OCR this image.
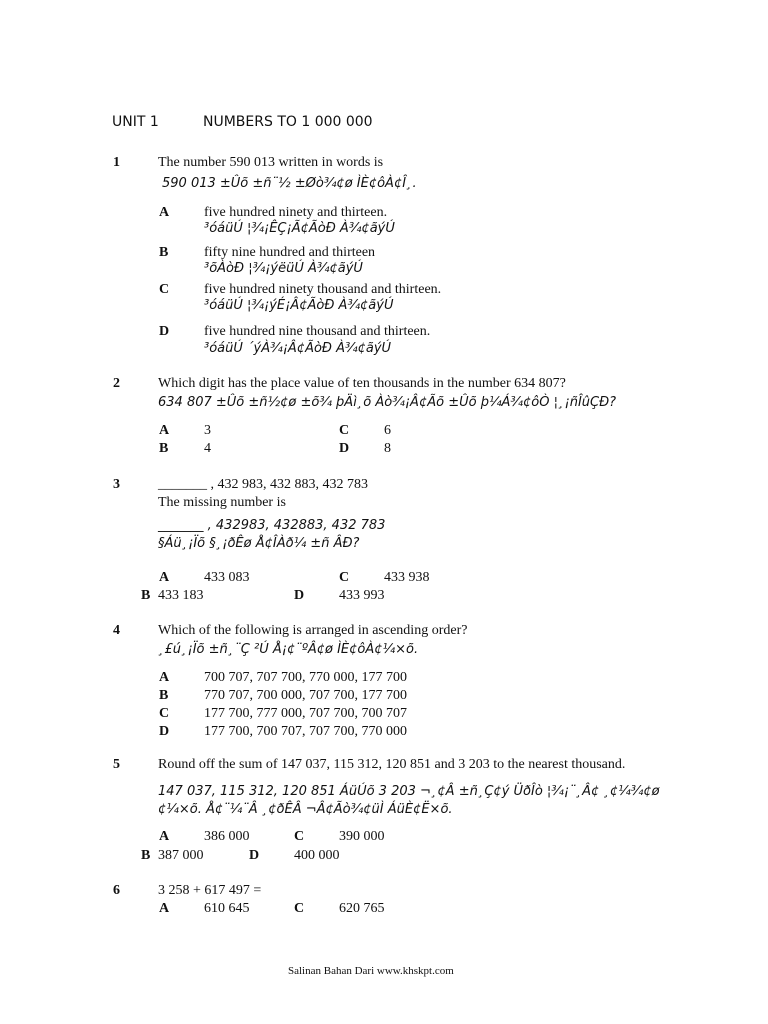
UNIT 1	NUMBERS TO 1 000 000
1	The number 590 013 written in words is
590 013 ±Ûõ ±ñ¨½ ±Øò¾¢ø ÌÈ¢ôÀ¢Î¸.
A five hundred ninety and thirteen.
³óáüÚ ¦¾¡ÊÇ¡Ã¢ÃòÐ À¾¢ãýÚ
B	fifty nine hundred and thirteen
³õÀòÐ ¦¾¡ýëüÚ À¾¢ãýÚ
C five hundred ninety thousand and thirteen.
³óáüÚ ¦¾¡ýÉ¡Â¢ÃòÐ À¾¢ãýÚ
D five hundred nine thousand and thirteen.
³óáüÚ ´ýÀ¾¡Â¢ÃòÐ À¾¢ãýÚ
2	Which digit has the place value of ten thousands in the number 634 807?
634 807 ±Ûõ ±ñ½¢ø ±õ¾ þÄì¸õ Àò¾¡Â¢Ãõ ±Ûõ þ¼Á¾¢ôÒ ¦¸¡ñÎûÇÐ?
A 3	C 6
B	4	D 8
3	_______ , 432 983, 432 883, 432 783
The missing number is
_______ , 432983, 432883, 432 783
§Áü¸¡Ïõ §¸¡ðÊø Å¢ÎÀð¼ ±ñ ÂÐ?
A 433 083	C 433 938
B 433 183	D 433 993
4	Which of the following is arranged in ascending order?
¸£ú¸¡Ïõ ±ñ¸¨Ç ²Ú Å¡¢¨ºÂ¢ø ÌÈ¢ôÀ¢¼×õ.
A 700 707, 707 700, 770 000, 177 700
B	770 707, 700 000, 707 700, 177 700
C 177 700, 777 000, 707 700, 700 707
D 177 700, 700 707, 707 700, 770 000
5	Round off the sum of 147 037, 115 312, 120 851 and 3 203 to the nearest thousand.
147 037, 115 312, 120 851 ÁüÚõ 3 203 ¬¸¢Â ±ñ¸Ç¢ý ÜðÎò ¦¾¡¨¸Â¢ ¸¢¼¾¢ø
¢¼×õ. Å¢¨¼¨Â ¸¢ðÊÂ ¬Â¢Ãò¾¢üÌ ÁüÈ¢Ë×õ.
A 386 000	C 390 000
B 387 000	D 400 000
6	3 258 + 617 497 =
A 610 645	C 620 765
Salinan Bahan Dari www.khskpt.com
